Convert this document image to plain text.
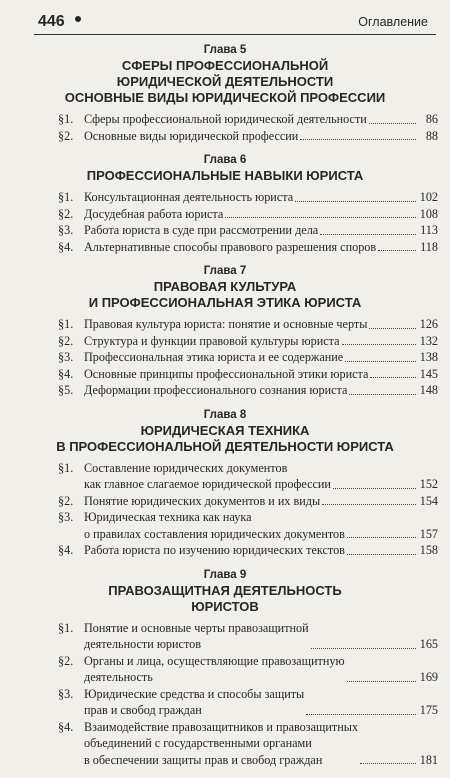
446	Оглавление
Глава 5
СФЕРЫ ПРОФЕССИОНАЛЬНОЙ
ЮРИДИЧЕСКОЙ ДЕЯТЕЛЬНОСТИ
ОСНОВНЫЕ ВИДЫ ЮРИДИЧЕСКОЙ ПРОФЕССИИ
§1. Сферы профессиональной юридической деятельности	86
§2. Основные виды юридической профессии	88
Глава 6
ПРОФЕССИОНАЛЬНЫЕ НАВЫКИ ЮРИСТА
§1. Консультационная деятельность юриста	102
§2. Досудебная работа юриста	108
§3. Работа юриста в суде при рассмотрении дела	113
§4. Альтернативные способы правового разрешения споров	118
Глава 7
ПРАВОВАЯ КУЛЬТУРА
И ПРОФЕССИОНАЛЬНАЯ ЭТИКА ЮРИСТА
§1. Правовая культура юриста: понятие и основные черты	126
§2. Структура и функции правовой культуры юриста	132
§3. Профессиональная этика юриста и ее содержание	138
§4. Основные принципы профессиональной этики юриста	145
§5. Деформации профессионального сознания юриста	148
Глава 8
ЮРИДИЧЕСКАЯ ТЕХНИКА
В ПРОФЕССИОНАЛЬНОЙ ДЕЯТЕЛЬНОСТИ ЮРИСТА
§1. Составление юридических документов
как главное слагаемое юридической профессии	152
§2. Понятие юридических документов и их виды	154
§3. Юридическая техника как наука
о правилах составления юридических документов	157
§4. Работа юриста по изучению юридических текстов	158
Глава 9
ПРАВОЗАЩИТНАЯ ДЕЯТЕЛЬНОСТЬ
ЮРИСТОВ
§1. Понятие и основные черты правозащитной
деятельности юристов	165
§2. Органы и лица, осуществляющие правозащитную
деятельность	169
§3. Юридические средства и способы защиты
прав и свобод граждан	175
§4. Взаимодействие правозащитников и правозащитных
объединений с государственными органами
в обеспечении защиты прав и свобод граждан	181
